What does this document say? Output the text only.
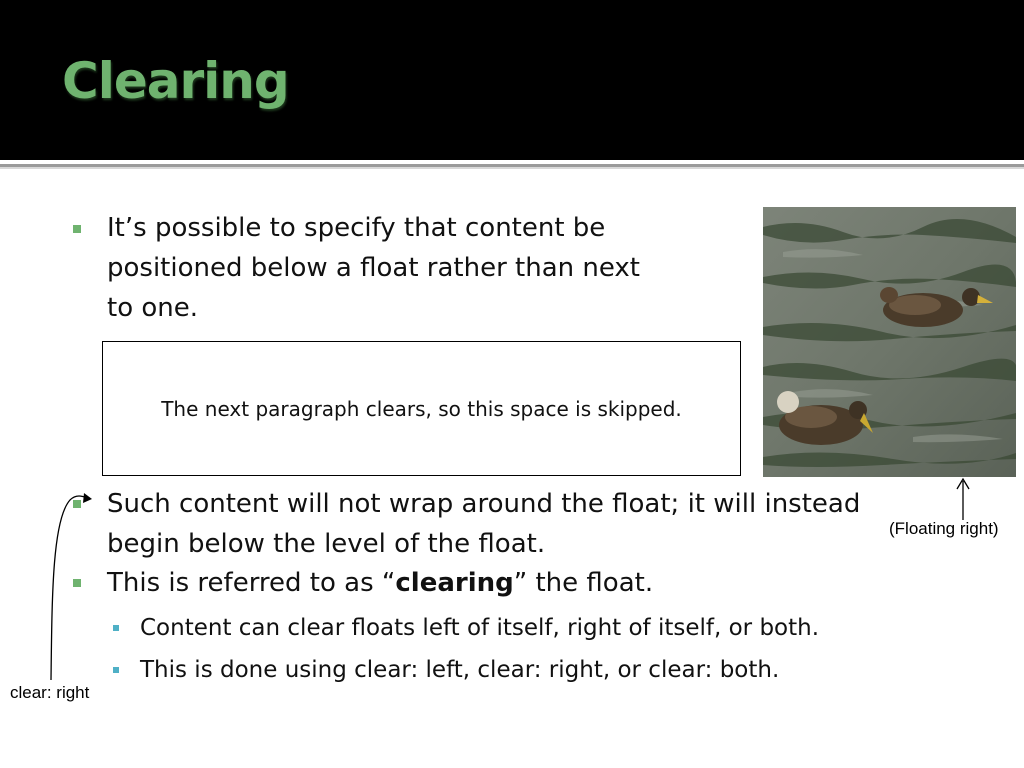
Clearing
It’s possible to specify that content be
positioned below a float rather than next
to one.
The next paragraph clears, so this space is skipped.
Such content will not wrap around the float; it will instead
begin below the level of the float.
This is referred to as “clearing” the float.
Content can clear floats left of itself, right of itself, or both.
This is done using clear: left, clear: right, or clear: both.
(Floating right)
clear: right
